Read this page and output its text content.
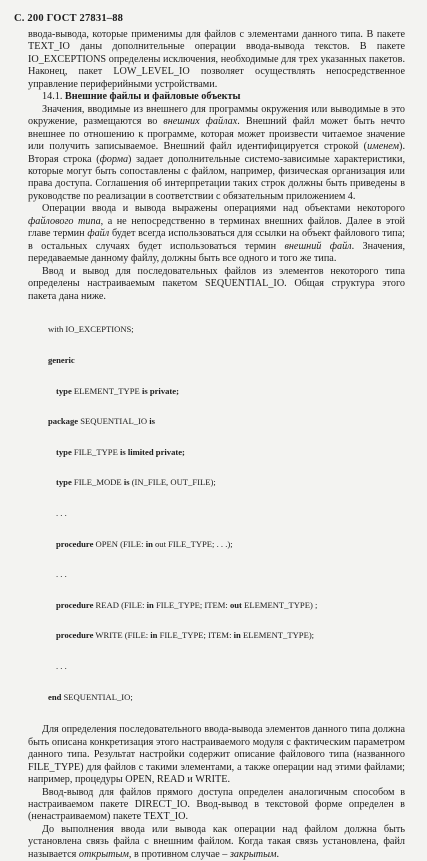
С. 200 ГОСТ 27831–88

ввода-вывода, которые применимы для файлов с элементами данного типа. В пакете TEXT_IO даны дополнительные операции ввода-вывода текстов. В пакете IO_EXCEPTIONS определены исключения, необходимые для трех указанных пакетов. Наконец, пакет LOW_LEVEL_IO позволяет осуществлять непосредственное управление периферийными устройствами.

14.1. Внешние файлы и файловые объекты

Значения, вводимые из внешнего для программы окружения или выводимые в это окружение, размещаются во внешних файлах. Внешний файл может быть нечто внешнее по отношению к программе, которая может произвести читаемое значение или получить записываемое. Внешний файл идентифицируется строкой (именем). Вторая строка (форма) задает дополнительные системо-зависимые характеристики, которые могут быть сопоставлены с файлом, например, физическая организация или права доступа. Соглашения об интерпретации таких строк должны быть приведены в руководстве по реализации в соответствии с обязательным приложением 4.

Операции ввода и вывода выражены операциями над объектами некоторого файлового типа, а не непосредственно в терминах внешних файлов. Далее в этой главе термин файл будет всегда использоваться для ссылки на объект файлового типа; в остальных случаях будет использоваться термин внешний файл. Значения, передаваемые данному файлу, должны быть все одного и того же типа.

Ввод и вывод для последовательных файлов из элементов некоторого типа определены настраиваемым пакетом SEQUENTIAL_IO. Общая структура этого пакета дана ниже.

with IO_EXCEPTIONS;

generic

type ELEMENT_TYPE is private;

package SEQUENTIAL_IO is

type FILE_TYPE is limited private;

type FILE_MODE is (IN_FILE, OUT_FILE);

. . .

procedure OPEN (FILE: in out FILE_TYPE; . . .);

. . .

procedure READ (FILE: in FILE_TYPE; ITEM: out ELEMENT_TYPE) ;

procedure WRITE (FILE: in FILE_TYPE; ITEM: in ELEMENT_TYPE);

. . .

end SEQUENTIAL_IO;

Для определения последовательного ввода-вывода элементов данного типа должна быть описана конкретизация этого настраиваемого модуля с фактическим параметром данного типа. Результат настройки содержит описание файлового типа (названного FILE_TYPE) для файлов с такими элементами, а также операции над этими файлами; например, процедуры OPEN, READ и WRITE.

Ввод-вывод для файлов прямого доступа определен аналогичным способом в настраиваемом пакете DIRECT_IO. Ввод-вывод в текстовой форме определен в (ненастраиваемом) пакете TEXT_IO.

До выполнения ввода или вывода как операции над файлом должна быть установлена связь файла с внешним файлом. Когда такая связь установлена, файл называется открытым, в противном случае – закрытым.
